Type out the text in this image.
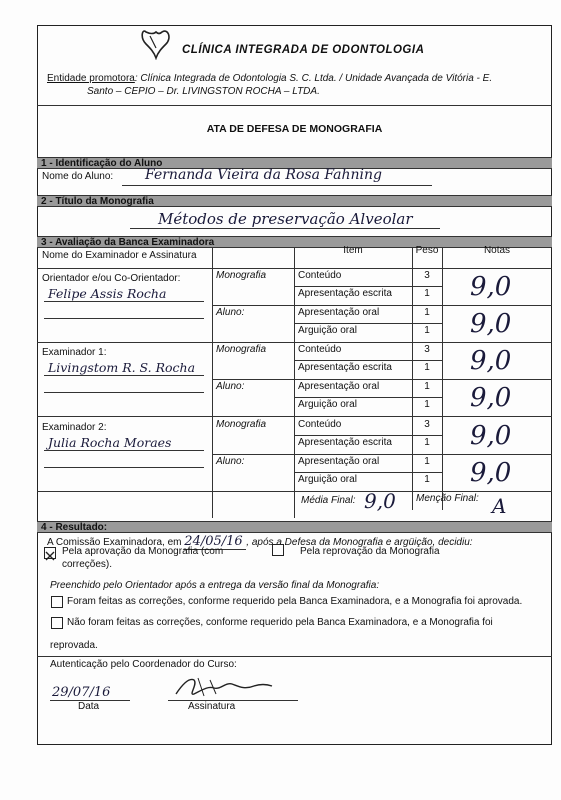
CLÍNICA INTEGRADA DE ODONTOLOGIA
Entidade promotora: Clínica Integrada de Odontologia S. C. Ltda. / Unidade Avançada de Vitória - E.
Santo – CEPIO – Dr. LIVINGSTON ROCHA – LTDA.
ATA DE DEFESA DE MONOGRAFIA
1 - Identificação do Aluno
Nome do Aluno: Fernanda Vieira da Rosa Fahning
2 - Título da Monografia
Métodos de preservação Alveolar
3 - Avaliação da Banca Examinadora
Nome do Examinador e Assinatura	Item	Peso	Notas
Orientador e/ou Co-Orientador:
Felipe Assis Rocha
Monografia	Conteúdo	3
Apresentação escrita	1	9,0
Aluno:	Apresentação oral	1
Arguição oral	1	9,0
Examinador 1:
Livingstom R. S. Rocha
Monografia	Conteúdo	3
Apresentação escrita	1	9,0
Aluno:	Apresentação oral	1
Arguição oral	1	9,0
Examinador 2:
Julia Rocha Moraes
Monografia	Conteúdo	3
Apresentação escrita	1	9,0
Aluno:	Apresentação oral	1
Arguição oral	1	9,0
Média Final: 9,0 Menção Final: A
4 - Resultado:
A Comissão Examinadora, em 24/05/16 , após a Defesa da Monografia e argüição, decidiu:
Pela aprovação da Monografia (com
correções).
Pela reprovação da Monografia
Preenchido pelo Orientador após a entrega da versão final da Monografia:
Foram feitas as correções, conforme requerido pela Banca Examinadora, e a Monografia foi aprovada.
Não foram feitas as correções, conforme requerido pela Banca Examinadora, e a Monografia foi
reprovada.
Autenticação pelo Coordenador do Curso:
29/07/16
Data	Assinatura
